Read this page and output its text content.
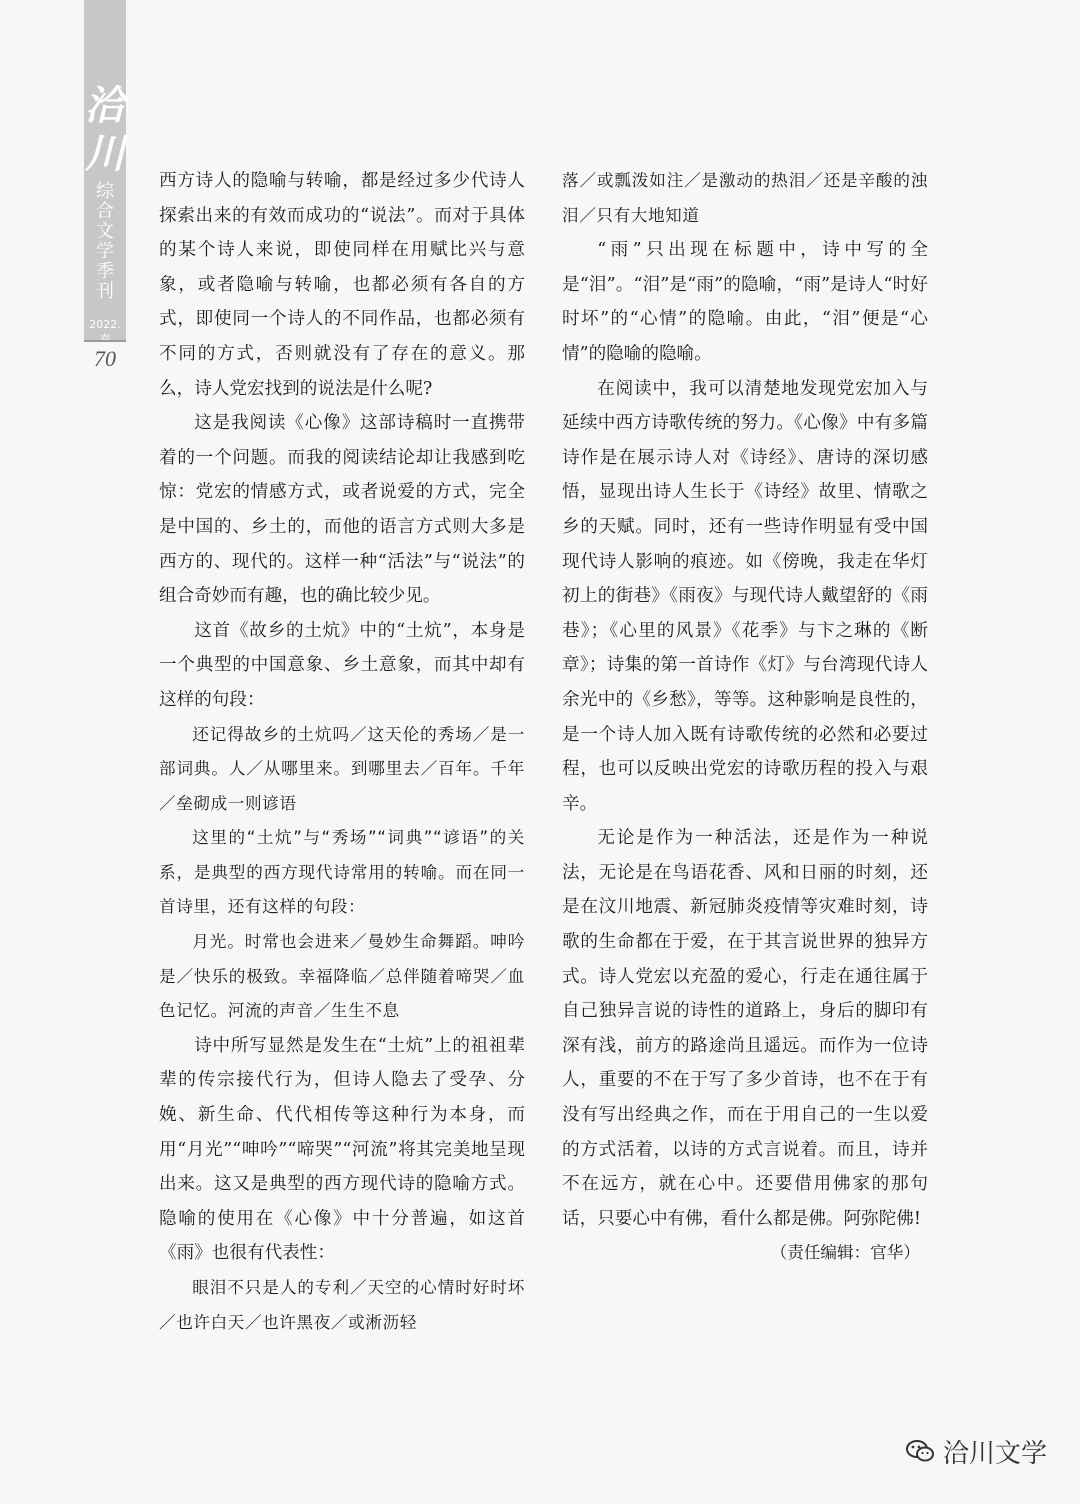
洽
川
综合文学季刊
2022.
70

西方诗人的隐喻与转喻，都是经过多少代诗人探索出来的有效而成功的“说法”。而对于具体的某个诗人来说，即使同样在用赋比兴与意象，或者隐喻与转喻，也都必须有各自的方式，即使同一个诗人的不同作品，也都必须有不同的方式，否则就没有了存在的意义。那么，诗人党宏找到的说法是什么呢?

这是我阅读《心像》这部诗稿时一直携带着的一个问题。而我的阅读结论却让我感到吃惊：党宏的情感方式，或者说爱的方式，完全是中国的、乡土的，而他的语言方式则大多是西方的、现代的。这样一种“活法”与“说法”的组合奇妙而有趣，也的确比较少见。

这首《故乡的土炕》中的“土炕”，本身是一个典型的中国意象、乡土意象，而其中却有这样的句段：

还记得故乡的土炕吗／这天伦的秀场／是一部词典。人／从哪里来。到哪里去／百年。千年／垒砌成一则谚语

这里的“土炕”与“秀场”“词典”“谚语”的关系，是典型的西方现代诗常用的转喻。而在同一首诗里，还有这样的句段：

月光。时常也会进来／曼妙生命舞蹈。呻吟是／快乐的极致。幸福降临／总伴随着啼哭／血色记忆。河流的声音／生生不息

诗中所写显然是发生在“土炕”上的祖祖辈辈的传宗接代行为，但诗人隐去了受孕、分娩、新生命、代代相传等这种行为本身，而用“月光”“呻吟”“啼哭”“河流”将其完美地呈现出来。这又是典型的西方现代诗的隐喻方式。隐喻的使用在《心像》中十分普遍，如这首《雨》也很有代表性：

眼泪不只是人的专利／天空的心情时好时坏／也许白天／也许黑夜／或淅沥轻

落／或瓢泼如注／是激动的热泪／还是辛酸的浊泪／只有大地知道

“雨”只出现在标题中，诗中写的全是“泪”。“泪”是“雨”的隐喻，“雨”是诗人“时好时坏”的“心情”的隐喻。由此，“泪”便是“心情”的隐喻的隐喻。

在阅读中，我可以清楚地发现党宏加入与延续中西方诗歌传统的努力。《心像》中有多篇诗作是在展示诗人对《诗经》、唐诗的深切感悟，显现出诗人生长于《诗经》故里、情歌之乡的天赋。同时，还有一些诗作明显有受中国现代诗人影响的痕迹。如《傍晚，我走在华灯初上的街巷》《雨夜》与现代诗人戴望舒的《雨巷》；《心里的风景》《花季》与卞之琳的《断章》；诗集的第一首诗作《灯》与台湾现代诗人余光中的《乡愁》，等等。这种影响是良性的，是一个诗人加入既有诗歌传统的必然和必要过程，也可以反映出党宏的诗歌历程的投入与艰辛。

无论是作为一种活法，还是作为一种说法，无论是在鸟语花香、风和日丽的时刻，还是在汶川地震、新冠肺炎疫情等灾难时刻，诗歌的生命都在于爱，在于其言说世界的独异方式。诗人党宏以充盈的爱心，行走在通往属于自己独异言说的诗性的道路上，身后的脚印有深有浅，前方的路途尚且遥远。而作为一位诗人，重要的不在于写了多少首诗，也不在于有没有写出经典之作，而在于用自己的一生以爱的方式活着，以诗的方式言说着。而且，诗并不在远方，就在心中。还要借用佛家的那句话，只要心中有佛，看什么都是佛。阿弥陀佛!

（责任编辑：官华）

洽川文学
